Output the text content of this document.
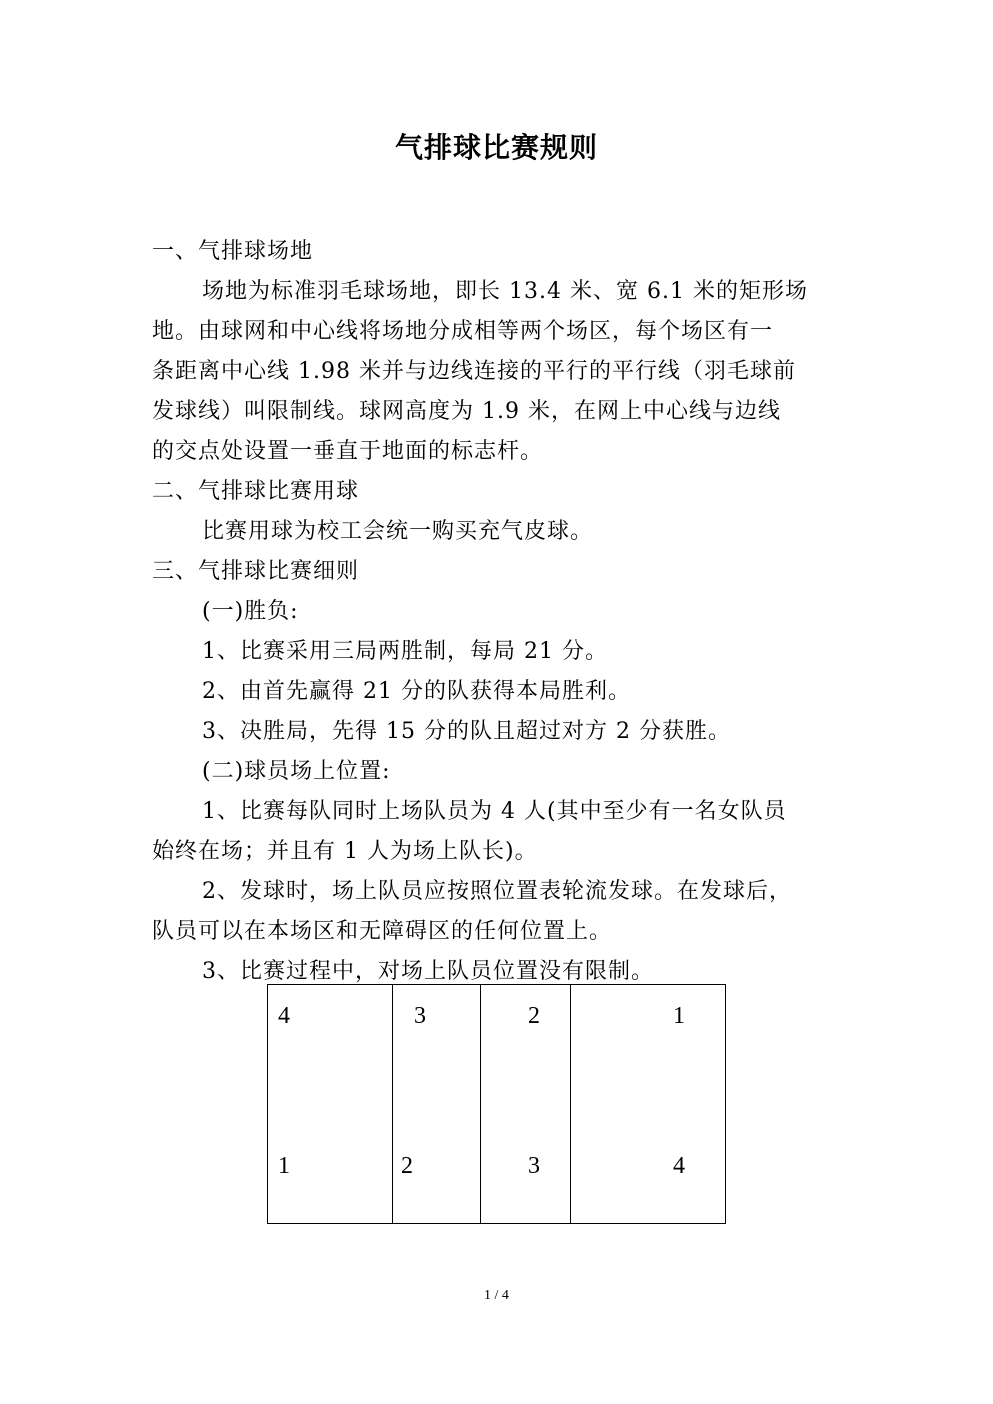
气排球比赛规则
一、气排球场地
场地为标准羽毛球场地，即长 13.4 米、宽 6.1 米的矩形场
地。由球网和中心线将场地分成相等两个场区，每个场区有一
条距离中心线 1.98 米并与边线连接的平行的平行线（羽毛球前
发球线）叫限制线。球网高度为 1.9 米，在网上中心线与边线
的交点处设置一垂直于地面的标志杆。
二、气排球比赛用球
比赛用球为校工会统一购买充气皮球。
三、气排球比赛细则
(一)胜负:
1、比赛采用三局两胜制，每局 21 分。
2、由首先赢得 21 分的队获得本局胜利。
3、决胜局，先得 15 分的队且超过对方 2 分获胜。
(二)球员场上位置:
1、比赛每队同时上场队员为 4 人(其中至少有一名女队员
始终在场；并且有 1 人为场上队长)。
2、发球时，场上队员应按照位置表轮流发球。在发球后，
队员可以在本场区和无障碍区的任何位置上。
3、比赛过程中，对场上队员位置没有限制。
4	3	2	1
1	2	3	4
1 / 4
